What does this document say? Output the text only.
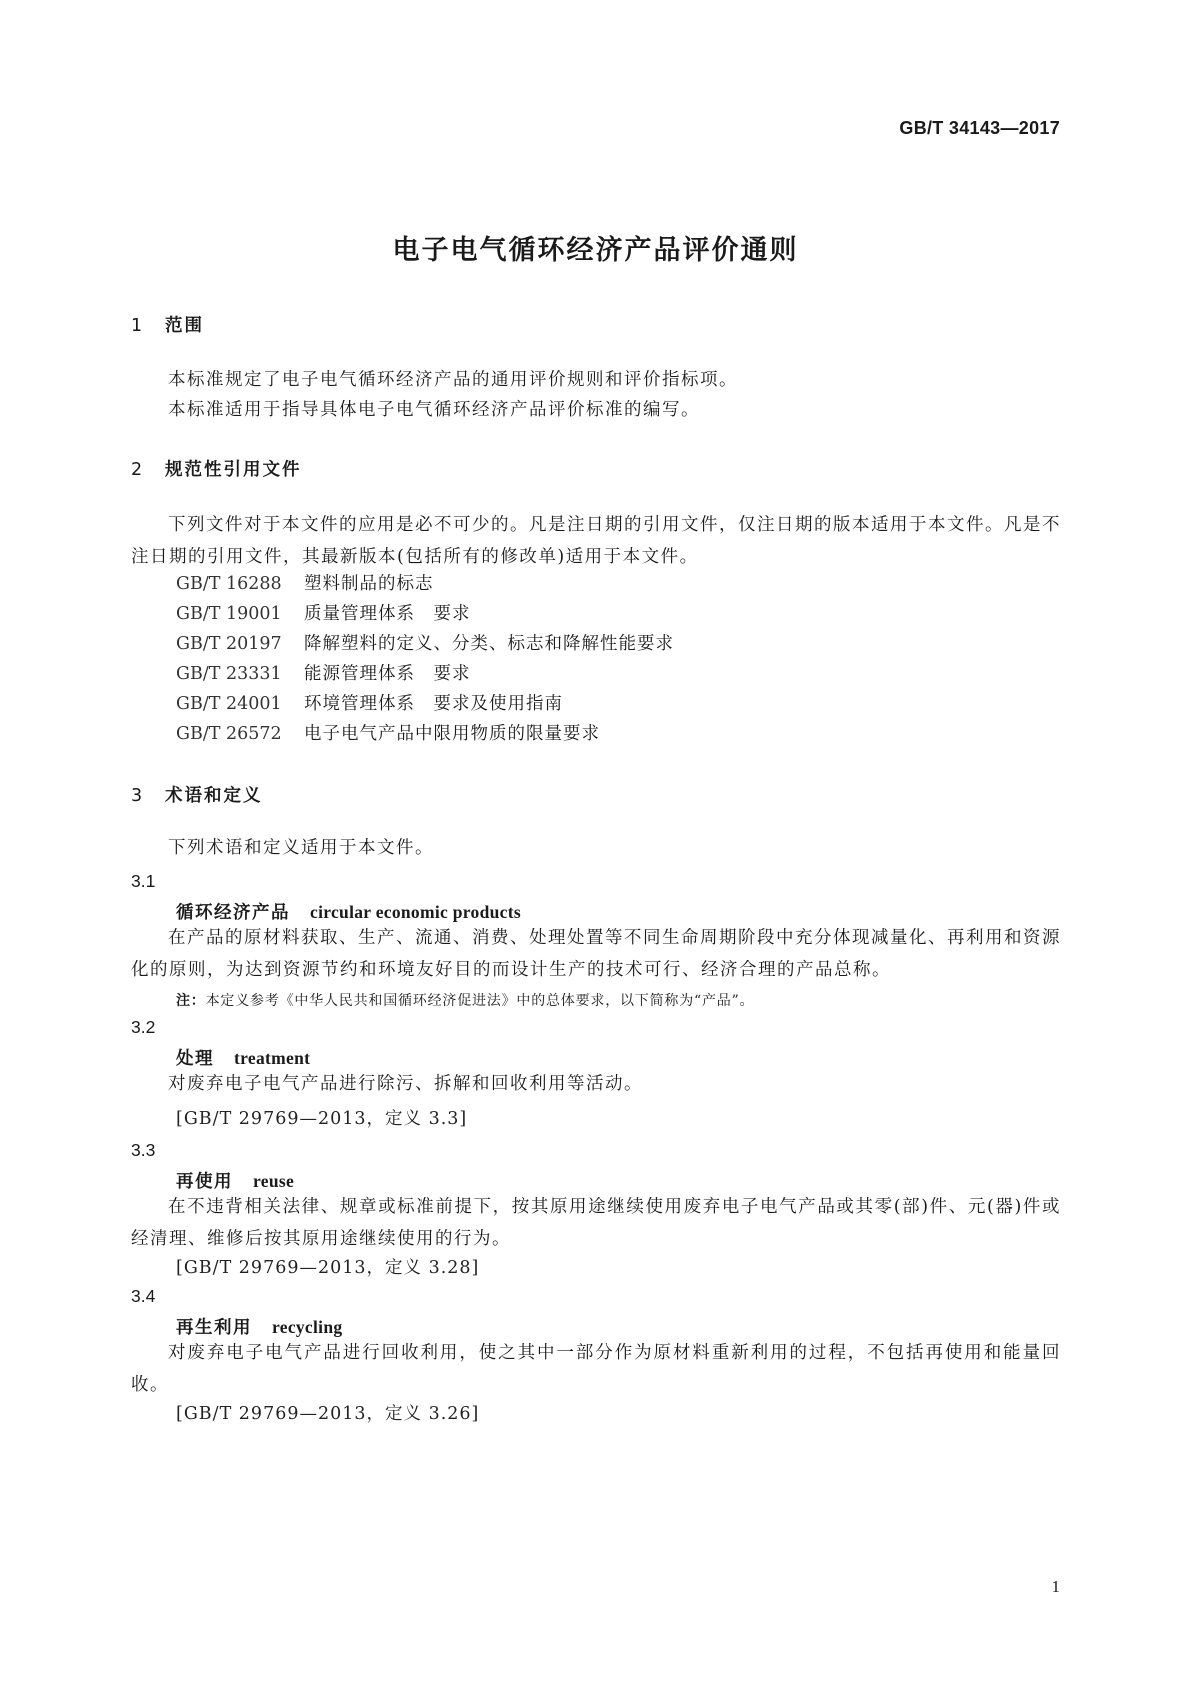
GB/T 34143—2017
电子电气循环经济产品评价通则
1 范围
本标准规定了电子电气循环经济产品的通用评价规则和评价指标项。
本标准适用于指导具体电子电气循环经济产品评价标准的编写。
2 规范性引用文件
下列文件对于本文件的应用是必不可少的。凡是注日期的引用文件，仅注日期的版本适用于本文件。凡是不注日期的引用文件，其最新版本(包括所有的修改单)适用于本文件。
GB/T 16288 塑料制品的标志
GB/T 19001 质量管理体系　要求
GB/T 20197 降解塑料的定义、分类、标志和降解性能要求
GB/T 23331 能源管理体系　要求
GB/T 24001 环境管理体系　要求及使用指南
GB/T 26572 电子电气产品中限用物质的限量要求
3 术语和定义
下列术语和定义适用于本文件。
3.1
循环经济产品 circular economic products
在产品的原材料获取、生产、流通、消费、处理处置等不同生命周期阶段中充分体现减量化、再利用和资源化的原则，为达到资源节约和环境友好目的而设计生产的技术可行、经济合理的产品总称。
注：本定义参考《中华人民共和国循环经济促进法》中的总体要求，以下简称为“产品”。
3.2
处理 treatment
对废弃电子电气产品进行除污、拆解和回收利用等活动。
[GB/T 29769—2013，定义 3.3]
3.3
再使用 reuse
在不违背相关法律、规章或标准前提下，按其原用途继续使用废弃电子电气产品或其零(部)件、元(器)件或经清理、维修后按其原用途继续使用的行为。
[GB/T 29769—2013，定义 3.28]
3.4
再生利用 recycling
对废弃电子电气产品进行回收利用，使之其中一部分作为原材料重新利用的过程，不包括再使用和能量回收。
[GB/T 29769—2013，定义 3.26]
1
